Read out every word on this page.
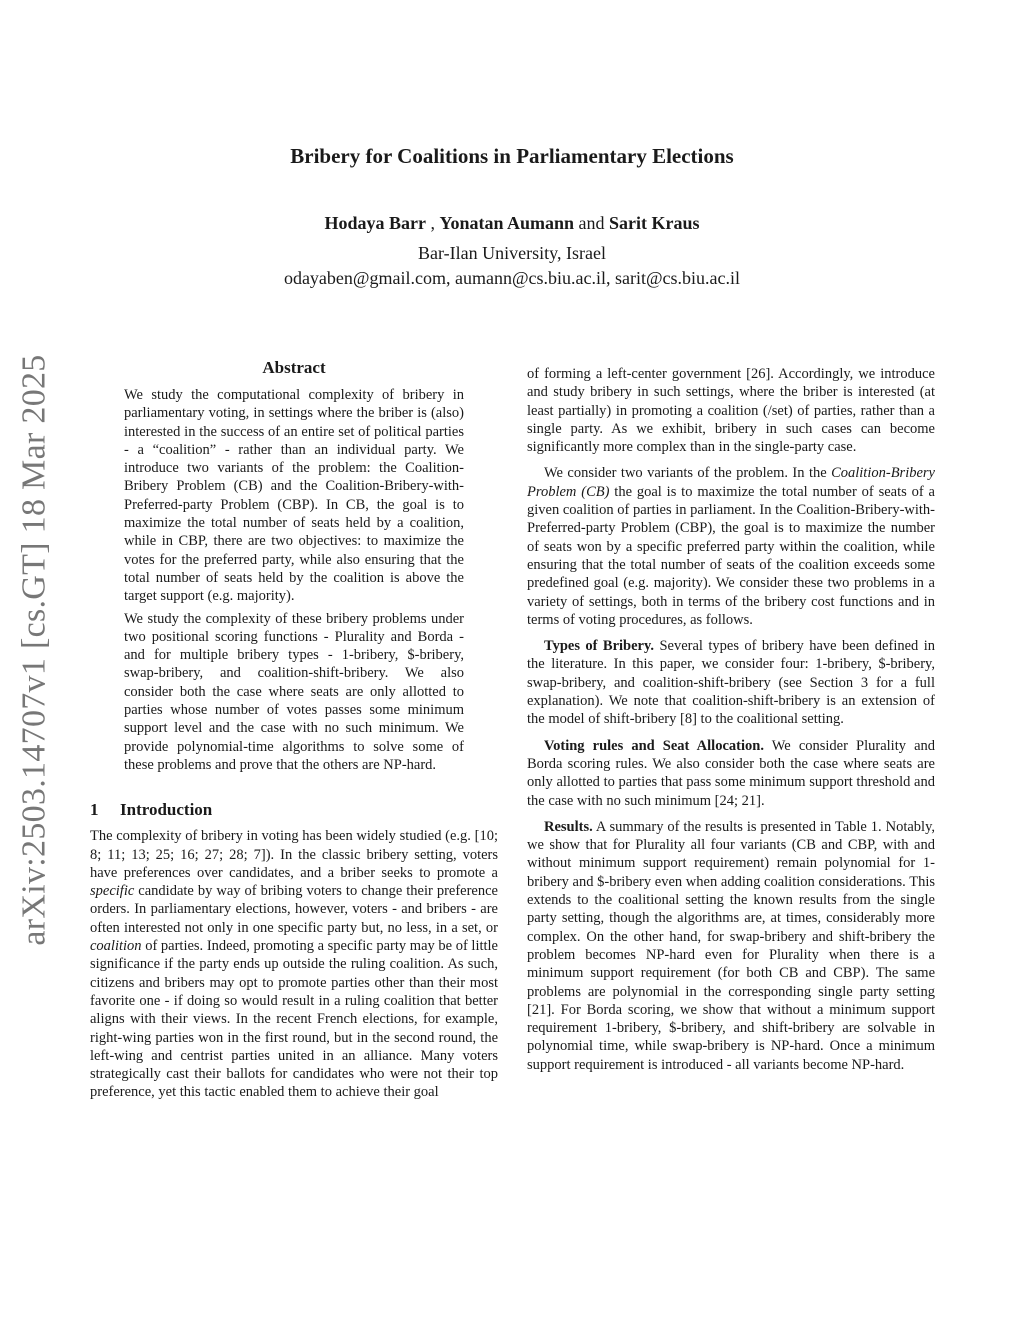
arXiv:2503.14707v1 [cs.GT] 18 Mar 2025
Bribery for Coalitions in Parliamentary Elections
Hodaya Barr , Yonatan Aumann and Sarit Kraus
Bar-Ilan University, Israel
odayaben@gmail.com, aumann@cs.biu.ac.il, sarit@cs.biu.ac.il
Abstract

We study the computational complexity of bribery in parliamentary voting, in settings where the briber is (also) interested in the success of an entire set of political parties - a “coalition” - rather than an individual party. We introduce two variants of the problem: the Coalition-Bribery Problem (CB) and the Coalition-Bribery-with-Preferred-party Problem (CBP). In CB, the goal is to maximize the total number of seats held by a coalition, while in CBP, there are two objectives: to maximize the votes for the preferred party, while also ensuring that the total number of seats held by the coalition is above the target support (e.g. majority).

We study the complexity of these bribery problems under two positional scoring functions - Plurality and Borda - and for multiple bribery types - 1-bribery, $-bribery, swap-bribery, and coalition-shift-bribery. We also consider both the case where seats are only allotted to parties whose number of votes passes some minimum support level and the case with no such minimum. We provide polynomial-time algorithms to solve some of these problems and prove that the others are NP-hard.

1 Introduction

The complexity of bribery in voting has been widely studied (e.g. [10; 8; 11; 13; 25; 16; 27; 28; 7]). In the classic bribery setting, voters have preferences over candidates, and a briber seeks to promote a specific candidate by way of bribing voters to change their preference orders. In parliamentary elections, however, voters - and bribers - are often interested not only in one specific party but, no less, in a set, or coalition of parties. Indeed, promoting a specific party may be of little significance if the party ends up outside the ruling coalition. As such, citizens and bribers may opt to promote parties other than their most favorite one - if doing so would result in a ruling coalition that better aligns with their views. In the recent French elections, for example, right-wing parties won in the first round, but in the second round, the left-wing and centrist parties united in an alliance. Many voters strategically cast their ballots for candidates who were not their top preference, yet this tactic enabled them to achieve their goal

of forming a left-center government [26]. Accordingly, we introduce and study bribery in such settings, where the briber is interested (at least partially) in promoting a coalition (/set) of parties, rather than a single party. As we exhibit, bribery in such cases can become significantly more complex than in the single-party case.

We consider two variants of the problem. In the Coalition-Bribery Problem (CB) the goal is to maximize the total number of seats of a given coalition of parties in parliament. In the Coalition-Bribery-with-Preferred-party Problem (CBP), the goal is to maximize the number of seats won by a specific preferred party within the coalition, while ensuring that the total number of seats of the coalition exceeds some predefined goal (e.g. majority). We consider these two problems in a variety of settings, both in terms of the bribery cost functions and in terms of voting procedures, as follows.

Types of Bribery. Several types of bribery have been defined in the literature. In this paper, we consider four: 1-bribery, $-bribery, swap-bribery, and coalition-shift-bribery (see Section 3 for a full explanation). We note that coalition-shift-bribery is an extension of the model of shift-bribery [8] to the coalitional setting.

Voting rules and Seat Allocation. We consider Plurality and Borda scoring rules. We also consider both the case where seats are only allotted to parties that pass some minimum support threshold and the case with no such minimum [24; 21].

Results. A summary of the results is presented in Table 1. Notably, we show that for Plurality all four variants (CB and CBP, with and without minimum support requirement) remain polynomial for 1-bribery and $-bribery even when adding coalition considerations. This extends to the coalitional setting the known results from the single party setting, though the algorithms are, at times, considerably more complex. On the other hand, for swap-bribery and shift-bribery the problem becomes NP-hard even for Plurality when there is a minimum support requirement (for both CB and CBP). The same problems are polynomial in the corresponding single party setting [21]. For Borda scoring, we show that without a minimum support requirement 1-bribery, $-bribery, and shift-bribery are solvable in polynomial time, while swap-bribery is NP-hard. Once a minimum support requirement is introduced - all variants become NP-hard.
